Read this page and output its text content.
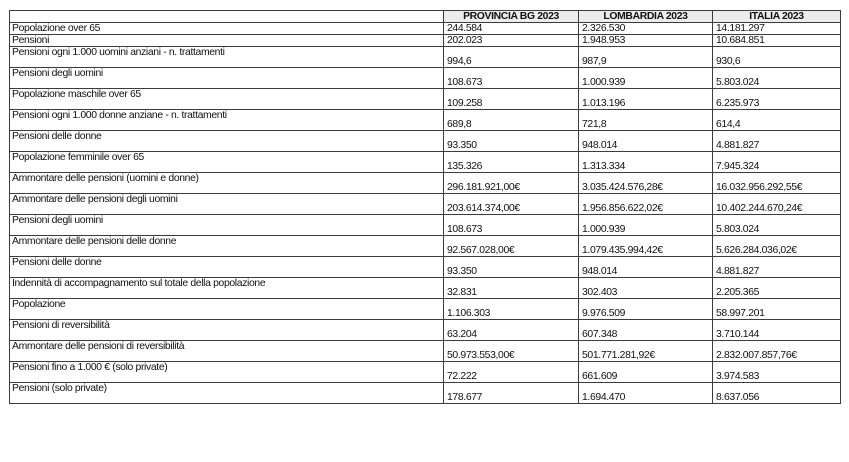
	PROVINCIA BG 2023	LOMBARDIA 2023	ITALIA 2023
Popolazione over 65	244.584	2.326.530	14.181.297
Pensioni	202.023	1.948.953	10.684.851
Pensioni ogni 1.000 uomini anziani - n. trattamenti	994,6	987,9	930,6
Pensioni degli uomini	108.673	1.000.939	5.803.024
Popolazione maschile over 65	109.258	1.013.196	6.235.973
Pensioni ogni 1.000 donne anziane - n. trattamenti	689,8	721,8	614,4
Pensioni delle donne	93.350	948.014	4.881.827
Popolazione femminile over 65	135.326	1.313.334	7.945.324
Ammontare delle pensioni (uomini e donne)	296.181.921,00€	3.035.424.576,28€	16.032.956.292,55€
Ammontare delle pensioni degli uomini	203.614.374,00€	1.956.856.622,02€	10.402.244.670,24€
Pensioni degli uomini	108.673	1.000.939	5.803.024
Ammontare delle pensioni delle donne	92.567.028,00€	1.079.435.994,42€	5.626.284.036,02€
Pensioni delle donne	93.350	948.014	4.881.827
Indennità di accompagnamento sul totale della popolazione	32.831	302.403	2.205.365
Popolazione	1.106.303	9.976.509	58.997.201
Pensioni di reversibilità	63.204	607.348	3.710.144
Ammontare delle pensioni di reversibilità	50.973.553,00€	501.771.281,92€	2.832.007.857,76€
Pensioni fino a 1.000 € (solo private)	72.222	661.609	3.974.583
Pensioni (solo private)	178.677	1.694.470	8.637.056
